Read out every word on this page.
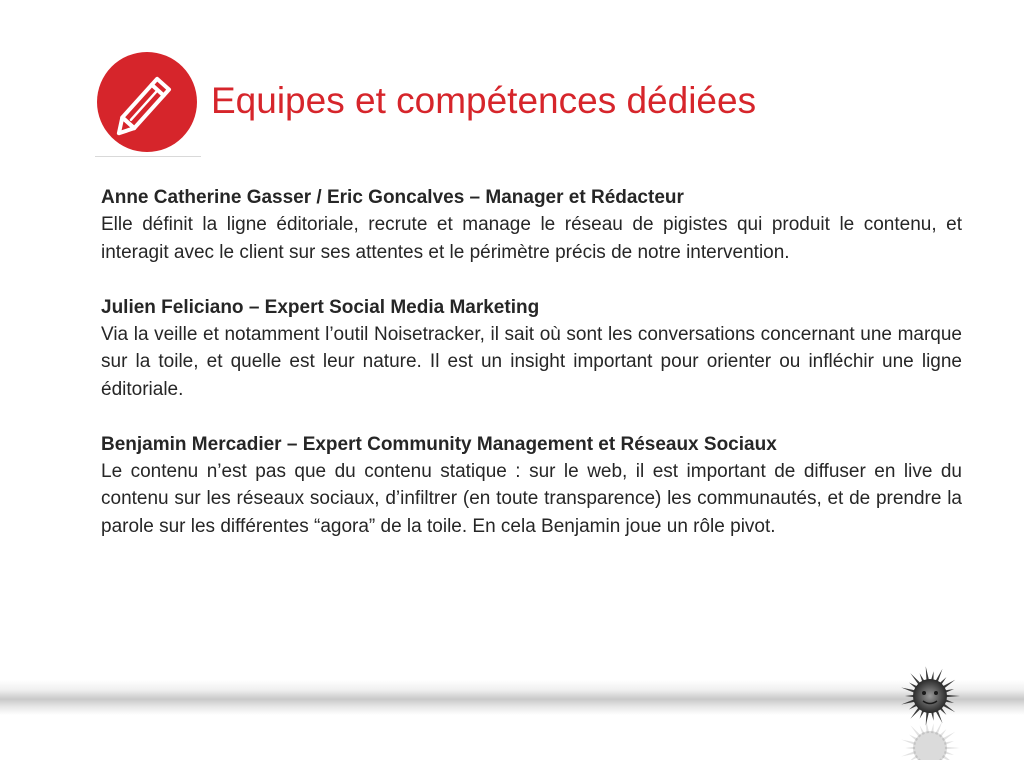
Equipes et compétences dédiées
Anne Catherine Gasser / Eric Goncalves – Manager et Rédacteur
Elle définit la ligne éditoriale, recrute et manage le réseau de pigistes qui produit le contenu, et interagit avec le client sur ses attentes et le périmètre précis de notre intervention.
Julien Feliciano – Expert Social Media Marketing
Via la veille et notamment l’outil Noisetracker, il sait où sont les conversations concernant une marque sur la toile, et quelle est leur nature. Il est un insight important pour orienter ou infléchir une ligne éditoriale.
Benjamin Mercadier – Expert Community Management et Réseaux Sociaux
Le contenu n’est pas que du contenu statique : sur le web, il est important de diffuser en live du contenu sur les réseaux sociaux, d’infiltrer (en toute transparence) les communautés, et de prendre la parole sur les différentes “agora” de la toile. En cela Benjamin joue un rôle pivot.
